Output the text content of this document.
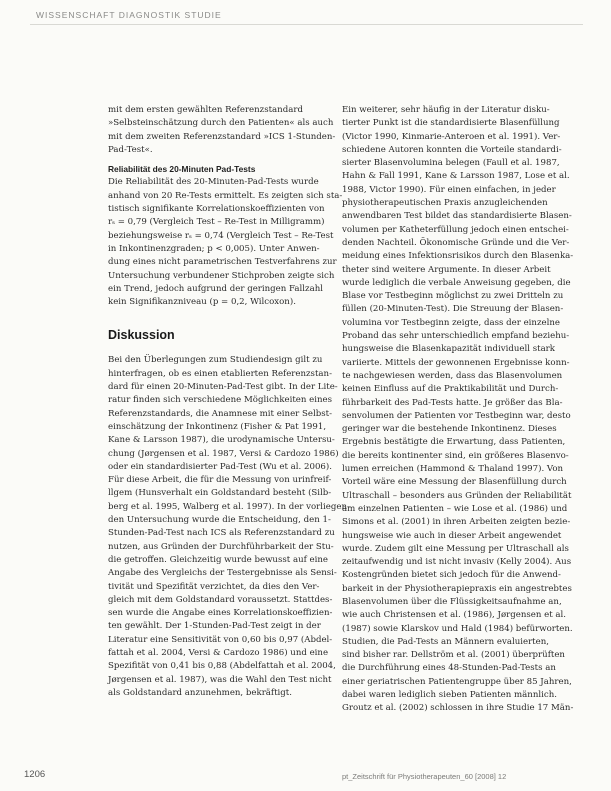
WISSENSCHAFT DIAGNOSTIK STUDIE
mit dem ersten gewählten Referenzstandard
»Selbsteinschätzung durch den Patienten« als auch
mit dem zweiten Referenzstandard »ICS 1-Stunden-
Pad-Test«.
Reliabilität des 20-Minuten Pad-Tests
Die Reliabilität des 20-Minuten-Pad-Tests wurde
anhand von 20 Re-Tests ermittelt. Es zeigten sich sta-
tistisch signifikante Korrelationskoeffizienten von
rₛ = 0,79 (Vergleich Test – Re-Test in Milligramm)
beziehungsweise rₛ = 0,74 (Vergleich Test – Re-Test
in Inkontinenzgraden; p < 0,005). Unter Anwen-
dung eines nicht parametrischen Testverfahrens zur
Untersuchung verbundener Stichproben zeigte sich
ein Trend, jedoch aufgrund der geringen Fallzahl
kein Signifikanzniveau (p = 0,2, Wilcoxon).
Diskussion
Bei den Überlegungen zum Studiendesign gilt zu
hinterfragen, ob es einen etablierten Referenzstan-
dard für einen 20-Minuten-Pad-Test gibt. In der Lite-
ratur finden sich verschiedene Möglichkeiten eines
Referenzstandards, die Anamnese mit einer Selbst-
einschätzung der Inkontinenz (Fisher & Pat 1991,
Kane & Larsson 1987), die urodynamische Untersu-
chung (Jørgensen et al. 1987, Versi & Cardozo 1986)
oder ein standardisierter Pad-Test (Wu et al. 2006).
Für diese Arbeit, die für die Messung von urinfreif-
llgem (Hunsverhalt ein Goldstandard besteht (Silb-
berg et al. 1995, Walberg et al. 1997). In der vorliegen-
den Untersuchung wurde die Entscheidung, den 1-
Stunden-Pad-Test nach ICS als Referenzstandard zu
nutzen, aus Gründen der Durchführbarkeit der Stu-
die getroffen. Gleichzeitig wurde bewusst auf eine
Angabe des Vergleichs der Testergebnisse als Sensi-
tivität und Spezifität verzichtet, da dies den Ver-
gleich mit dem Goldstandard voraussetzt. Stattdes-
sen wurde die Angabe eines Korrelationskoeffizien-
ten gewählt. Der 1-Stunden-Pad-Test zeigt in der
Literatur eine Sensitivität von 0,60 bis 0,97 (Abdel-
fattah et al. 2004, Versi & Cardozo 1986) und eine
Spezifität von 0,41 bis 0,88 (Abdelfattah et al. 2004,
Jørgensen et al. 1987), was die Wahl den Test nicht
als Goldstandard anzunehmen, bekräftigt.
Ein weiterer, sehr häufig in der Literatur disku-
tierter Punkt ist die standardisierte Blasenfüllung
(Victor 1990, Kinmarie-Anteroen et al. 1991). Ver-
schiedene Autoren konnten die Vorteile standardi-
sierter Blasenvolumina belegen (Faull et al. 1987,
Hahn & Fall 1991, Kane & Larsson 1987, Lose et al.
1988, Victor 1990). Für einen einfachen, in jeder
physiotherapeutischen Praxis anzugleichenden
anwendbaren Test bildet das standardisierte Blasen-
volumen per Katheterfüllung jedoch einen entschei-
denden Nachteil. Ökonomische Gründe und die Ver-
meidung eines Infektionsrisikos durch den Blasenka-
theter sind weitere Argumente. In dieser Arbeit
wurde lediglich die verbale Anweisung gegeben, die
Blase vor Testbeginn möglichst zu zwei Dritteln zu
füllen (20-Minuten-Test). Die Streuung der Blasen-
volumina vor Testbeginn zeigte, dass der einzelne
Proband das sehr unterschiedlich empfand beziehu-
hungsweise die Blasenkapazität individuell stark
variierte. Mittels der gewonnenen Ergebnisse konn-
te nachgewiesen werden, dass das Blasenvolumen
keinen Einfluss auf die Praktikabilität und Durch-
führbarkeit des Pad-Tests hatte. Je größer das Bla-
senvolumen der Patienten vor Testbeginn war, desto
geringer war die bestehende Inkontinenz. Dieses
Ergebnis bestätigte die Erwartung, dass Patienten,
die bereits kontinenter sind, ein größeres Blasenvo-
lumen erreichen (Hammond & Thaland 1997). Von
Vorteil wäre eine Messung der Blasenfüllung durch
Ultraschall – besonders aus Gründen der Reliabilität
am einzelnen Patienten – wie Lose et al. (1986) und
Simons et al. (2001) in ihren Arbeiten zeigten bezie-
hungsweise wie auch in dieser Arbeit angewendet
wurde. Zudem gilt eine Messung per Ultraschall als
zeitaufwendig und ist nicht invasiv (Kelly 2004). Aus
Kostengründen bietet sich jedoch für die Anwend-
barkeit in der Physiotherapiepraxis ein angestrebtes
Blasenvolumen über die Flüssigkeitsaufnahme an,
wie auch Christensen et al. (1986), Jørgensen et al.
(1987) sowie Klarskov und Hald (1984) befürworten.
Studien, die Pad-Tests an Männern evaluierten,
sind bisher rar. Dellström et al. (2001) überprüften
die Durchführung eines 48-Stunden-Pad-Tests an
einer geriatrischen Patientengruppe über 85 Jahren,
dabei waren lediglich sieben Patienten männlich.
Groutz et al. (2002) schlossen in ihre Studie 17 Män-
1206	pt_Zeitschrift für Physiotherapeuten_60 [2008] 12
